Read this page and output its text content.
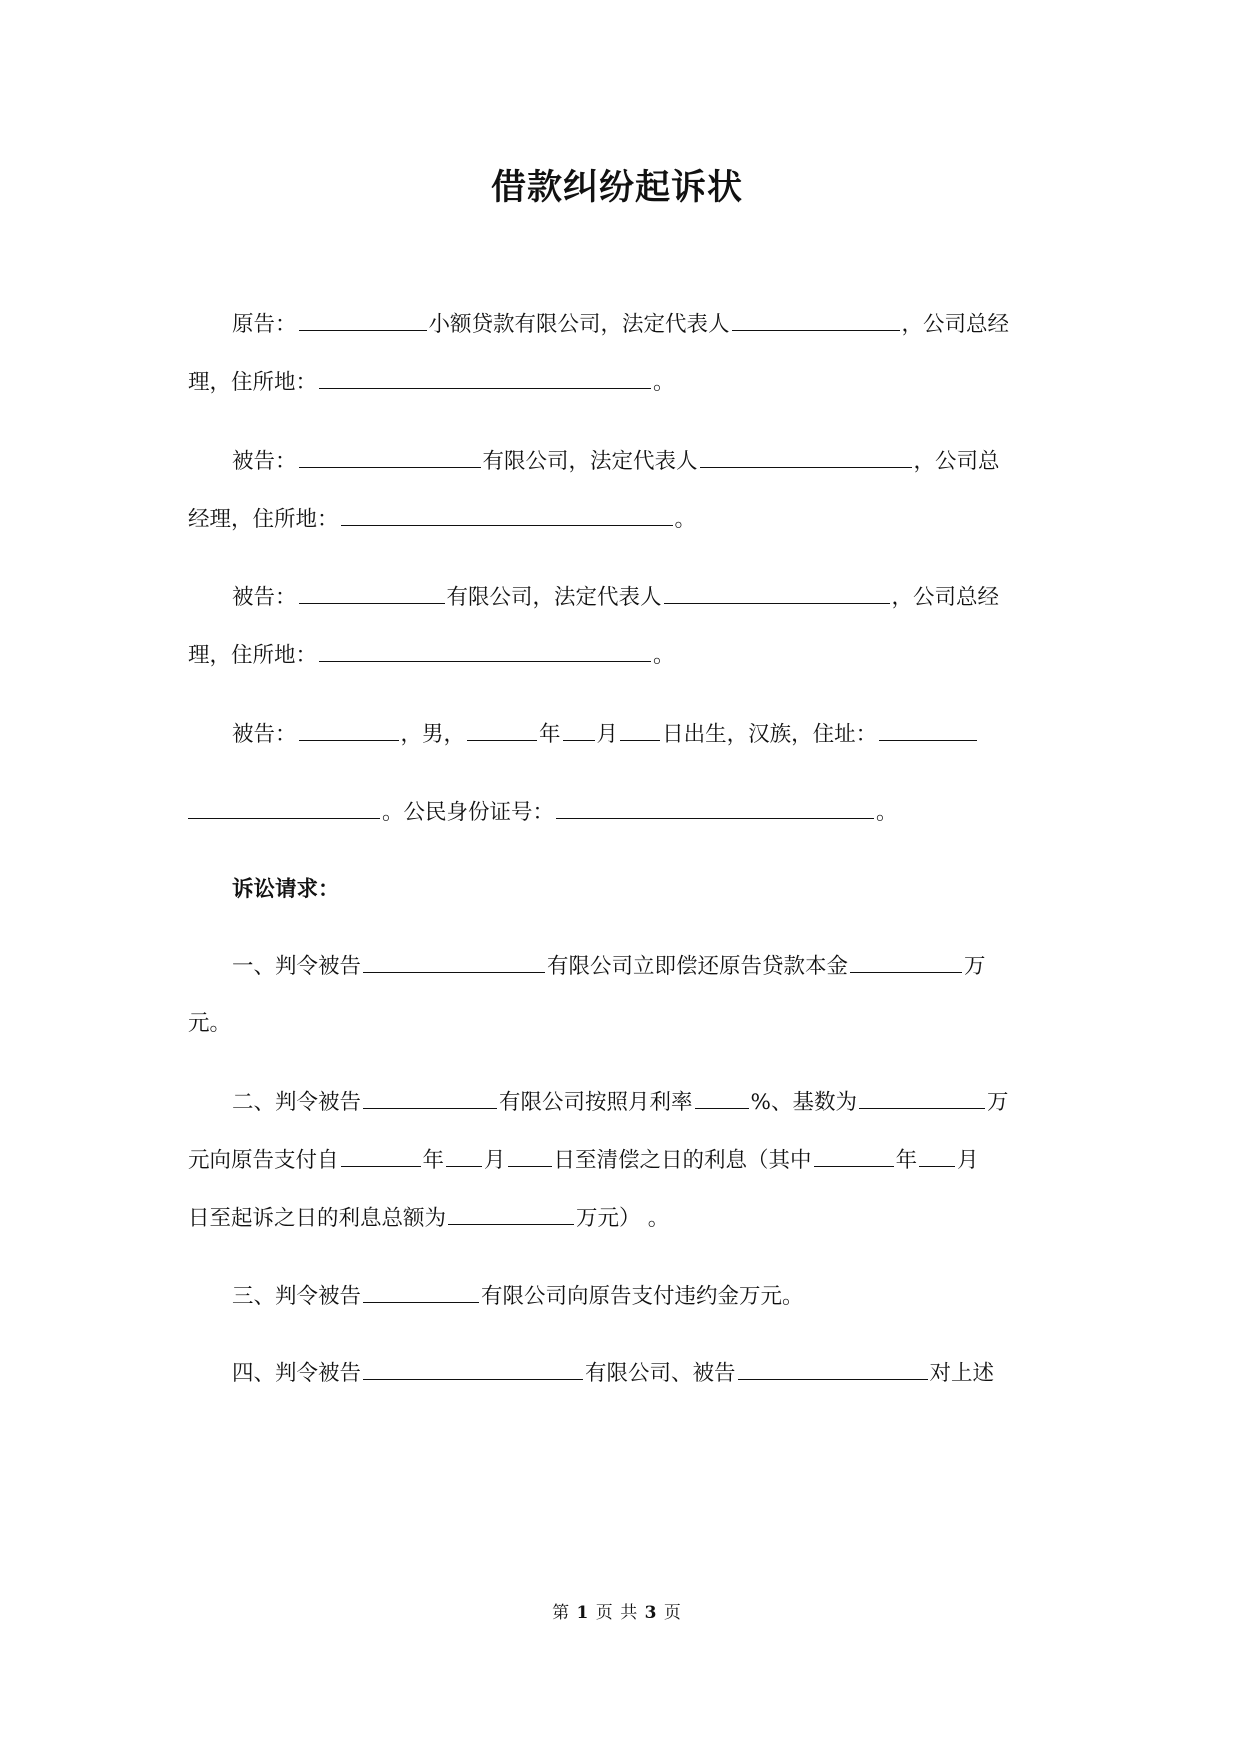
借款纠纷起诉状
原告：	小额贷款有限公司，法定代表人	，公司总经
理，住所地：	。
被告：	有限公司，法定代表人	，公司总
经理，住所地：	。
被告：	有限公司，法定代表人	，公司总经
理，住所地：	。
被告：	，男，	年 月 日出生，汉族，住址：
。公民身份证号：	。
诉讼请求：
一、判令被告	有限公司立即偿还原告贷款本金	万
元。
二、判令被告	有限公司按照月利率	%、基数为	万
元向原告支付自	年 月 日至清偿之日的利息（其中	年 月
日至起诉之日的利息总额为	万元） 。
三、判令被告	有限公司向原告支付违约金万元。
四、判令被告	有限公司、被告	对上述
第 1 页 共 3 页
